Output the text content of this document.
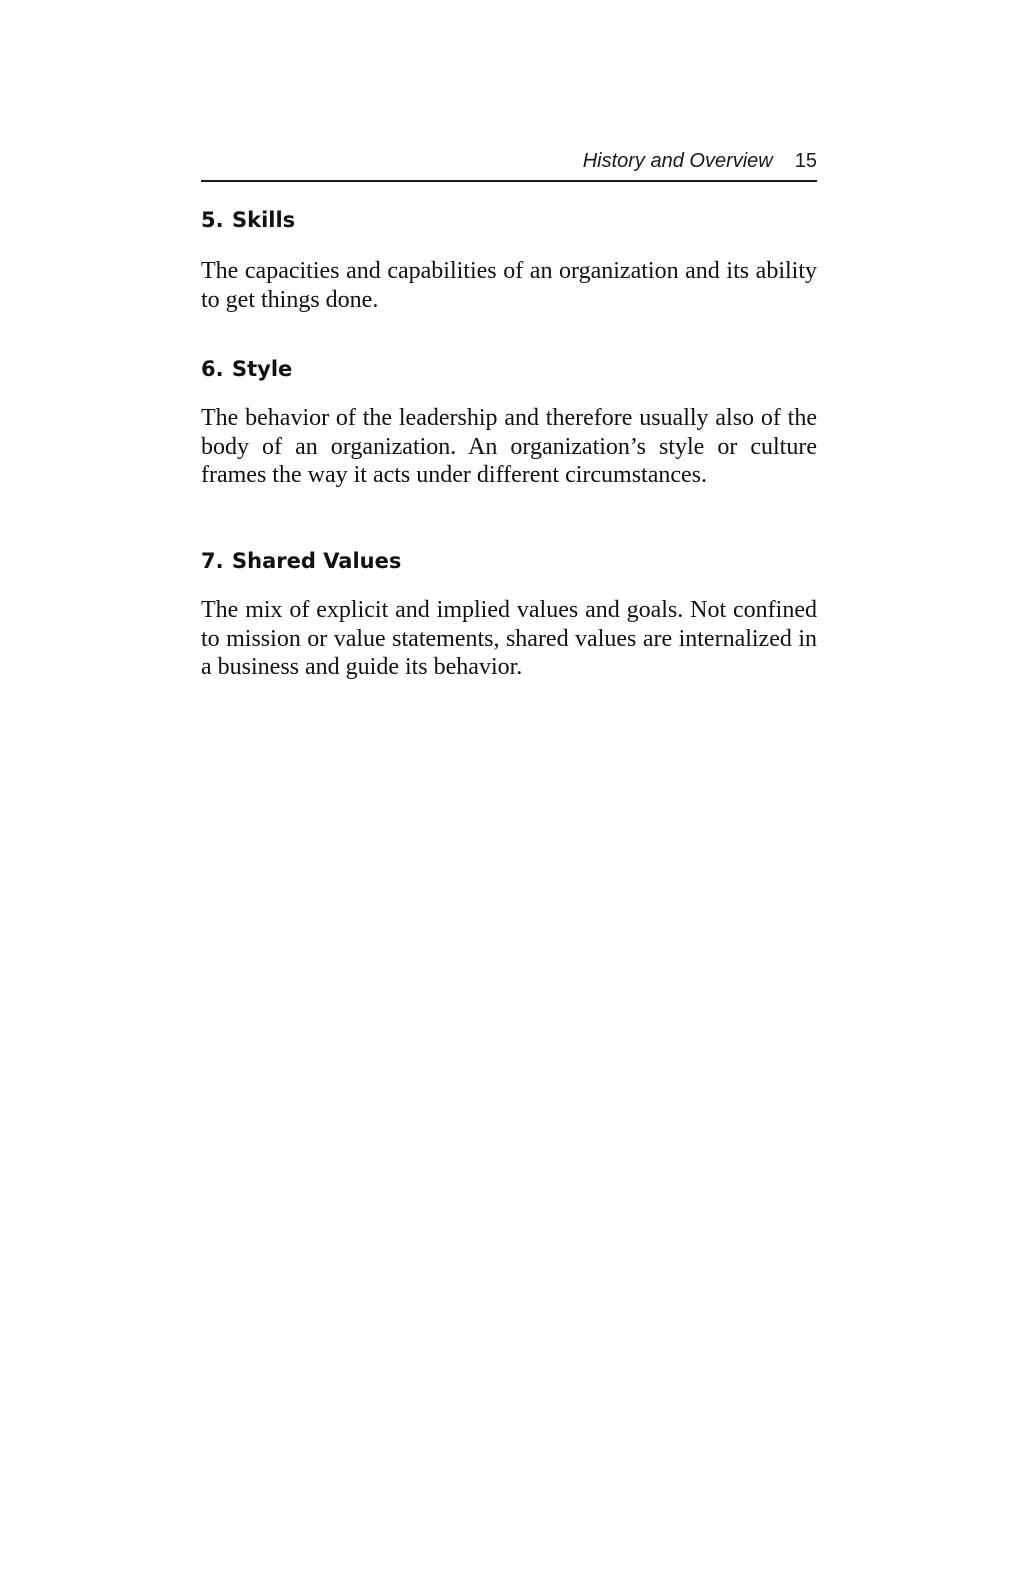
History and Overview 15
5. Skills

The capacities and capabilities of an organization and its ability to get things done.

6. Style

The behavior of the leadership and therefore usually also of the body of an organization. An organization’s style or culture frames the way it acts under different circumstances.

7. Shared Values

The mix of explicit and implied values and goals. Not confined to mission or value statements, shared values are internalized in a business and guide its behavior.
